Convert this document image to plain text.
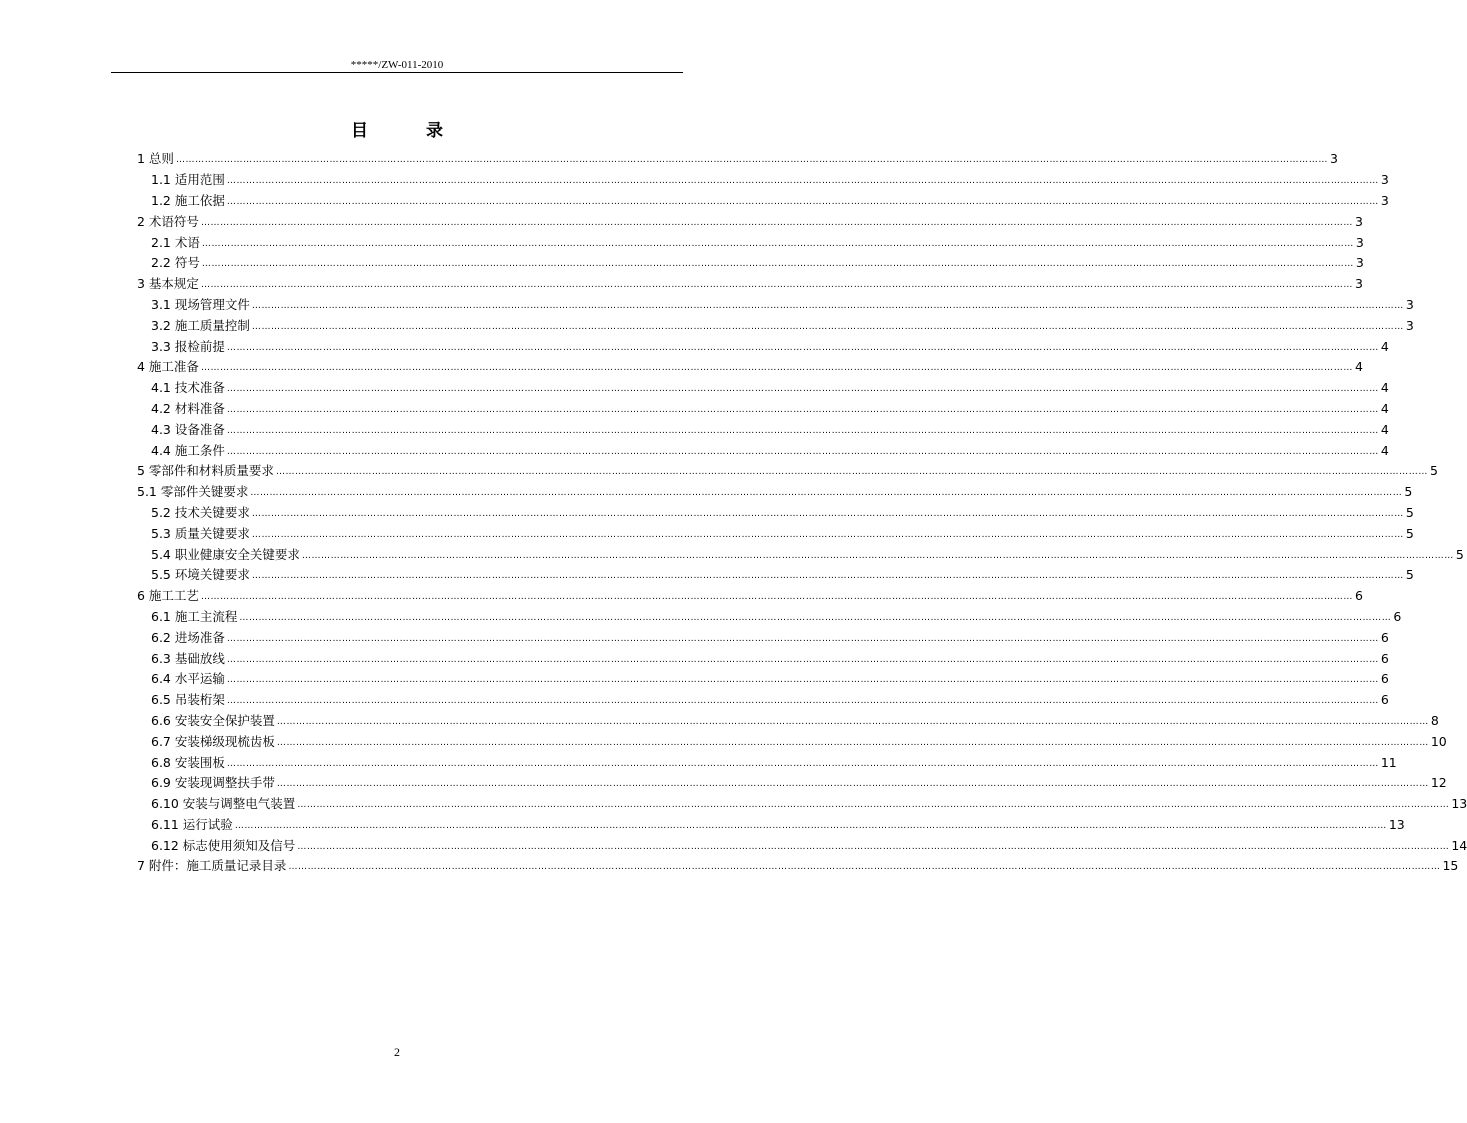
*****/ZW-011-2010
目 录
1 总则 ……………………………………………………………………………………………………………………………………………………………………………………………………………………………………………………………………………………………………………………………… 3
1.1 适用范围 ……………………………………………………………………………………………………………………………………………………………………………………………………………………………………………………………………………………………………………………………… 3
1.2 施工依据 ……………………………………………………………………………………………………………………………………………………………………………………………………………………………………………………………………………………………………………………………… 3
2 术语符号 ……………………………………………………………………………………………………………………………………………………………………………………………………………………………………………………………………………………………………………………………… 3
2.1 术语 ……………………………………………………………………………………………………………………………………………………………………………………………………………………………………………………………………………………………………………………………… 3
2.2 符号 ……………………………………………………………………………………………………………………………………………………………………………………………………………………………………………………………………………………………………………………………… 3
3 基本规定 ……………………………………………………………………………………………………………………………………………………………………………………………………………………………………………………………………………………………………………………………… 3
3.1 现场管理文件 ……………………………………………………………………………………………………………………………………………………………………………………………………………………………………………………………………………………………………………………………… 3
3.2 施工质量控制 ……………………………………………………………………………………………………………………………………………………………………………………………………………………………………………………………………………………………………………………………… 3
3.3 报检前提 ……………………………………………………………………………………………………………………………………………………………………………………………………………………………………………………………………………………………………………………………… 4
4 施工准备 ……………………………………………………………………………………………………………………………………………………………………………………………………………………………………………………………………………………………………………………………… 4
4.1 技术准备 ……………………………………………………………………………………………………………………………………………………………………………………………………………………………………………………………………………………………………………………………… 4
4.2 材料准备 ……………………………………………………………………………………………………………………………………………………………………………………………………………………………………………………………………………………………………………………………… 4
4.3 设备准备 ……………………………………………………………………………………………………………………………………………………………………………………………………………………………………………………………………………………………………………………………… 4
4.4 施工条件 ……………………………………………………………………………………………………………………………………………………………………………………………………………………………………………………………………………………………………………………………… 4
5 零部件和材料质量要求 ……………………………………………………………………………………………………………………………………………………………………………………………………………………………………………………………………………………………………………………………… 5
5.1 零部件关键要求 ……………………………………………………………………………………………………………………………………………………………………………………………………………………………………………………………………………………………………………………………… 5
5.2 技术关键要求 ……………………………………………………………………………………………………………………………………………………………………………………………………………………………………………………………………………………………………………………………… 5
5.3 质量关键要求 ……………………………………………………………………………………………………………………………………………………………………………………………………………………………………………………………………………………………………………………………… 5
5.4 职业健康安全关键要求 ……………………………………………………………………………………………………………………………………………………………………………………………………………………………………………………………………………………………………………………………… 5
5.5 环境关键要求 ……………………………………………………………………………………………………………………………………………………………………………………………………………………………………………………………………………………………………………………………… 5
6 施工工艺 ……………………………………………………………………………………………………………………………………………………………………………………………………………………………………………………………………………………………………………………………… 6
6.1 施工主流程 ……………………………………………………………………………………………………………………………………………………………………………………………………………………………………………………………………………………………………………………………… 6
6.2 进场准备 ……………………………………………………………………………………………………………………………………………………………………………………………………………………………………………………………………………………………………………………………… 6
6.3 基础放线 ……………………………………………………………………………………………………………………………………………………………………………………………………………………………………………………………………………………………………………………………… 6
6.4 水平运输 ……………………………………………………………………………………………………………………………………………………………………………………………………………………………………………………………………………………………………………………………… 6
6.5 吊装桁架 ……………………………………………………………………………………………………………………………………………………………………………………………………………………………………………………………………………………………………………………………… 6
6.6 安装安全保护装置 ……………………………………………………………………………………………………………………………………………………………………………………………………………………………………………………………………………………………………………………………… 8
6.7 安装梯级现梳齿板 ……………………………………………………………………………………………………………………………………………………………………………………………………………………………………………………………………………………………………………………………… 10
6.8 安装围板 ……………………………………………………………………………………………………………………………………………………………………………………………………………………………………………………………………………………………………………………………… 11
6.9 安装现调整扶手带 ……………………………………………………………………………………………………………………………………………………………………………………………………………………………………………………………………………………………………………………………… 12
6.10 安装与调整电气装置 ……………………………………………………………………………………………………………………………………………………………………………………………………………………………………………………………………………………………………………………………… 13
6.11 运行试验 ……………………………………………………………………………………………………………………………………………………………………………………………………………………………………………………………………………………………………………………………… 13
6.12 标志使用须知及信号 ……………………………………………………………………………………………………………………………………………………………………………………………………………………………………………………………………………………………………………………………… 14
7 附件：施工质量记录目录 ……………………………………………………………………………………………………………………………………………………………………………………………………………………………………………………………………………………………………………………………… 15
2
